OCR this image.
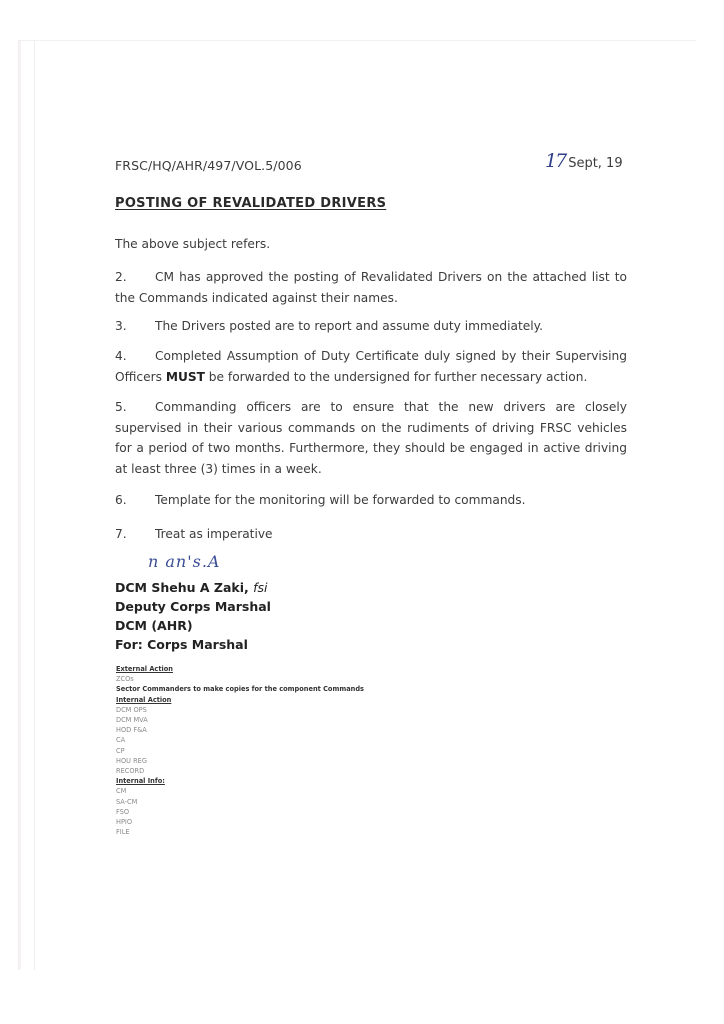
FRSC/HQ/AHR/497/VOL.5/006	17 Sept, 19
POSTING OF REVALIDATED DRIVERS
The above subject refers.
2. CM has approved the posting of Revalidated Drivers on the attached list to the Commands indicated against their names.
3. The Drivers posted are to report and assume duty immediately.
4. Completed Assumption of Duty Certificate duly signed by their Supervising Officers MUST be forwarded to the undersigned for further necessary action.
5. Commanding officers are to ensure that the new drivers are closely supervised in their various commands on the rudiments of driving FRSC vehicles for a period of two months. Furthermore, they should be engaged in active driving at least three (3) times in a week.
6. Template for the monitoring will be forwarded to commands.
7. Treat as imperative
n an's.A
DCM Shehu A Zaki, fsi
Deputy Corps Marshal
DCM (AHR)
For: Corps Marshal
External Action
ZCOs
Sector Commanders to make copies for the component Commands
Internal Action
DCM OPS
DCM MVA
HOD F&A
CA
CP
HOU REG
RECORD
Internal Info:
CM
SA-CM
FSO
HPIO
FILE
